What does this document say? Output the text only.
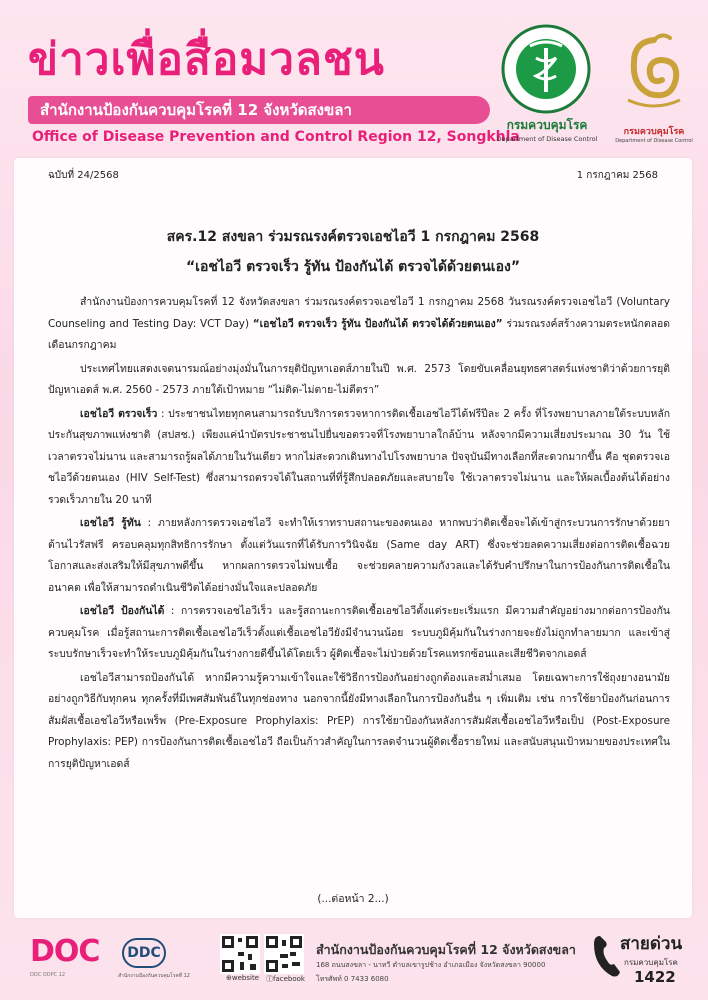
ข่าวเพื่อสื่อมวลชน
สำนักงานป้องกันควบคุมโรคที่ 12 จังหวัดสงขลา
Office of Disease Prevention and Control Region 12, Songkhla
กรมควบคุมโรค
Department of Disease Control
กรมควบคุมโรค
Department of Disease Control
ฉบับที่ 24/2568	1 กรกฎาคม 2568
สคร.12 สงขลา ร่วมรณรงค์ตรวจเอชไอวี 1 กรกฎาคม 2568
“เอชไอวี ตรวจเร็ว รู้ทัน ป้องกันได้ ตรวจได้ด้วยตนเอง”

สำนักงานป้องการควบคุมโรคที่ 12 จังหวัดสงขลา ร่วมรณรงค์ตรวจเอชไอวี 1 กรกฎาคม 2568 วันรณรงค์ตรวจเอชไอวี (Voluntary Counseling and Testing Day: VCT Day) “เอชไอวี ตรวจเร็ว รู้ทัน ป้องกันได้ ตรวจได้ด้วยตนเอง” ร่วมรณรงค์สร้างความตระหนักตลอดเดือนกรกฎาคม

ประเทศไทยแสดงเจตนารมณ์อย่างมุ่งมั่นในการยุติปัญหาเอดส์ภายในปี พ.ศ. 2573 โดยขับเคลื่อนยุทธศาสตร์แห่งชาติว่าด้วยการยุติปัญหาเอดส์ พ.ศ. 2560 - 2573 ภายใต้เป้าหมาย “ไม่ติด-ไม่ตาย-ไม่ตีตรา”

เอชไอวี ตรวจเร็ว : ประชาชนไทยทุกคนสามารถรับบริการตรวจหาการติดเชื้อเอชไอวีได้ฟรีปีละ 2 ครั้ง ที่โรงพยาบาลภายใต้ระบบหลักประกันสุขภาพแห่งชาติ (สปสช.) เพียงแค่นำบัตรประชาชนไปยื่นขอตรวจที่โรงพยาบาลใกล้บ้าน หลังจากมีความเสี่ยงประมาณ 30 วัน ใช้เวลาตรวจไม่นาน และสามารถรู้ผลได้ภายในวันเดียว หากไม่สะดวกเดินทางไปโรงพยาบาล ปัจจุบันมีทางเลือกที่สะดวกมากขึ้น คือ ชุดตรวจเอชไอวีด้วยตนเอง (HIV Self-Test) ซึ่งสามารถตรวจได้ในสถานที่ที่รู้สึกปลอดภัยและสบายใจ ใช้เวลาตรวจไม่นาน และให้ผลเบื้องต้นได้อย่างรวดเร็วภายใน 20 นาที

เอชไอวี รู้ทัน : ภายหลังการตรวจเอชไอวี จะทำให้เราทราบสถานะของตนเอง หากพบว่าติดเชื้อจะได้เข้าสู่กระบวนการรักษาด้วยยาต้านไวรัสฟรี ครอบคลุมทุกสิทธิการรักษา ตั้งแต่วันแรกที่ได้รับการวินิจฉัย (Same day ART) ซึ่งจะช่วยลดความเสี่ยงต่อการติดเชื้อฉวยโอกาสและส่งเสริมให้มีสุขภาพดีขึ้น หากผลการตรวจไม่พบเชื้อ จะช่วยคลายความกังวลและได้รับคำปรึกษาในการป้องกันการติดเชื้อในอนาคต เพื่อให้สามารถดำเนินชีวิตได้อย่างมั่นใจและปลอดภัย

เอชไอวี ป้องกันได้ : การตรวจเอชไอวีเร็ว และรู้สถานะการติดเชื้อเอชไอวีตั้งแต่ระยะเริ่มแรก มีความสำคัญอย่างมากต่อการป้องกันควบคุมโรค เมื่อรู้สถานะการติดเชื้อเอชไอวีเร็วตั้งแต่เชื้อเอชไอวียังมีจำนวนน้อย ระบบภูมิคุ้มกันในร่างกายจะยังไม่ถูกทำลายมาก และเข้าสู่ระบบรักษาเร็วจะทำให้ระบบภูมิคุ้มกันในร่างกายดีขึ้นได้โดยเร็ว ผู้ติดเชื้อจะไม่ป่วยด้วยโรคแทรกซ้อนและเสียชีวิตจากเอดส์

เอชไอวีสามารถป้องกันได้ หากมีความรู้ความเข้าใจและใช้วิธีการป้องกันอย่างถูกต้องและสม่ำเสมอ โดยเฉพาะการใช้ถุงยางอนามัยอย่างถูกวิธีกับทุกคน ทุกครั้งที่มีเพศสัมพันธ์ในทุกช่องทาง นอกจากนี้ยังมีทางเลือกในการป้องกันอื่น ๆ เพิ่มเติม เช่น การใช้ยาป้องกันก่อนการสัมผัสเชื้อเอชไอวีหรือเพร็พ (Pre-Exposure Prophylaxis: PrEP) การใช้ยาป้องกันหลังการสัมผัสเชื้อเอชไอวีหรือเป็ป (Post-Exposure Prophylaxis: PEP) การป้องกันการติดเชื้อเอชไอวี ถือเป็นก้าวสำคัญในการลดจำนวนผู้ติดเชื้อรายใหม่ และสนับสนุนเป้าหมายของประเทศในการยุติปัญหาเอดส์

(...ต่อหน้า 2...)
DOC
DDC ODPC 12
DDC
สำนักงานป้องกันควบคุมโรคที่ 12	⊕website ⓕfacebook
สำนักงานป้องกันควบคุมโรคที่ 12 จังหวัดสงขลา
168 ถนนสงขลา - นาทวี ตำบลเขารูปช้าง อำเภอเมือง จังหวัดสงขลา 90000
โทรศัพท์ 0 7433 6080
สายด่วน
กรมควบคุมโรค
1422
